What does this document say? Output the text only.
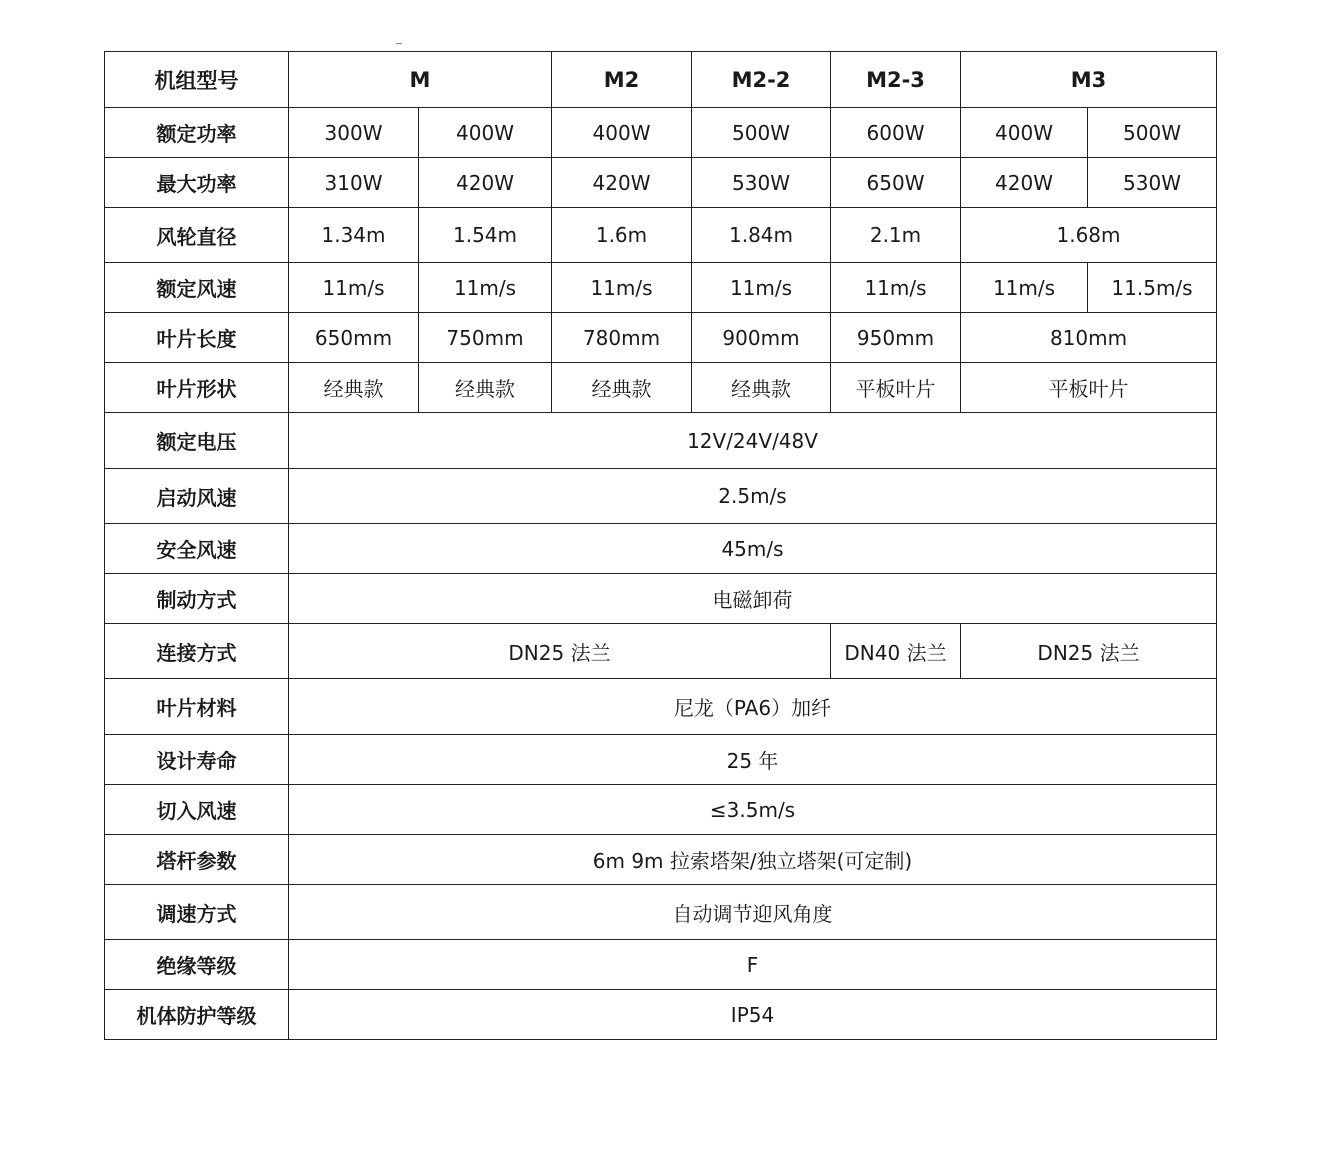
机组型号	M		M2	M2-2	M2-3	M3	
额定功率	300W	400W	400W	500W	600W	400W	500W
最大功率	310W	420W	420W	530W	650W	420W	530W
风轮直径	1.34m	1.54m	1.6m	1.84m	2.1m	1.68m	
额定风速	11m/s	11m/s	11m/s	11m/s	11m/s	11m/s	11.5m/s
叶片长度	650mm	750mm	780mm	900mm	950mm	810mm	
叶片形状	经典款	经典款	经典款	经典款	平板叶片	平板叶片	
额定电压	12V/24V/48V						
启动风速	2.5m/s						
安全风速	45m/s						
制动方式	电磁卸荷						
连接方式	DN25 法兰				DN40 法兰	DN25 法兰	
叶片材料	尼龙（PA6）加纤						
设计寿命	25 年						
切入风速	≤3.5m/s						
塔杆参数	6m 9m 拉索塔架/独立塔架(可定制)						
调速方式	自动调节迎风角度						
绝缘等级	F						
机体防护等级	IP54						
